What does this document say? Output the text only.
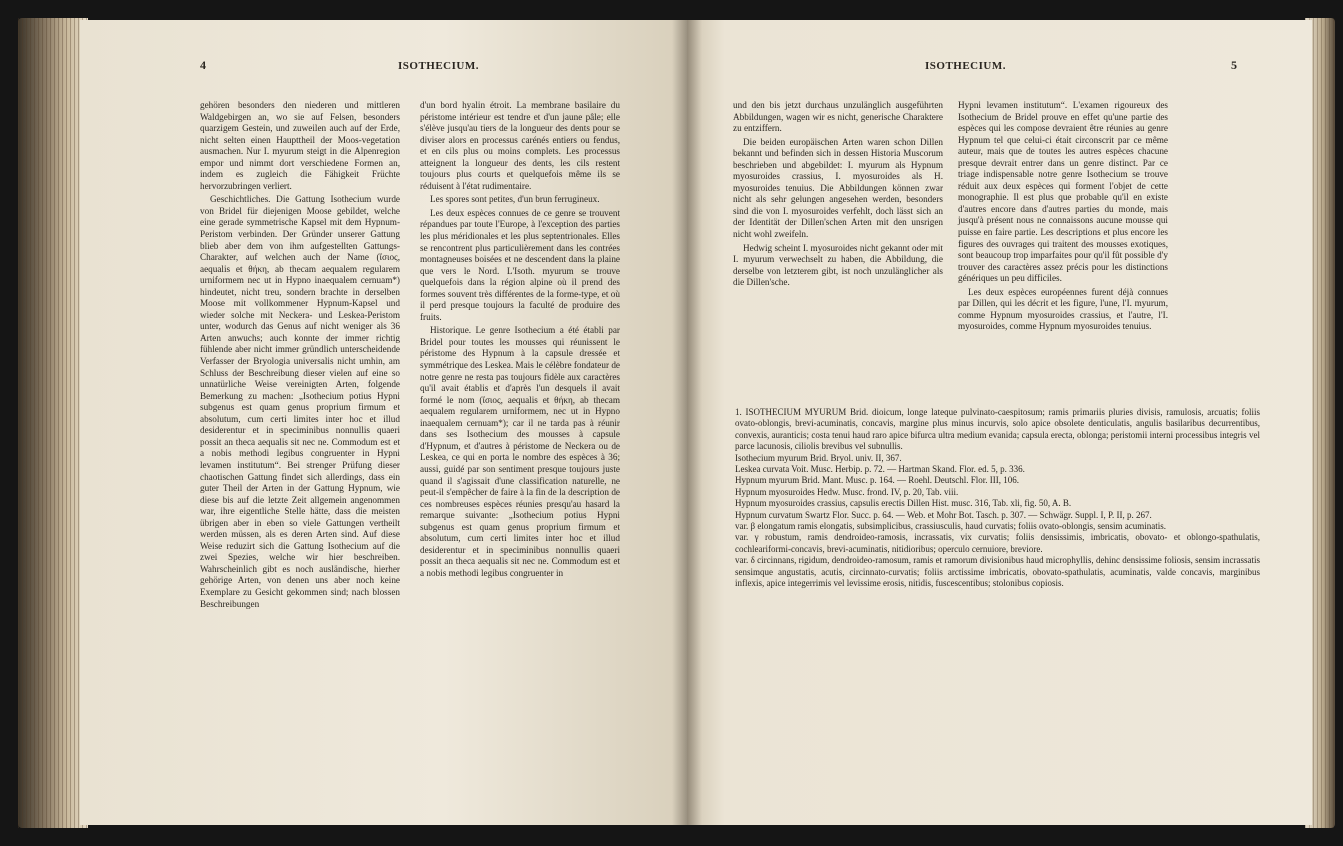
4	ISOTHECIUM.	ISOTHECIUM.	5

gehören besonders den niederen und mittleren Waldgebirgen an, wo sie auf Felsen, besonders quarzigem Gestein, und zuweilen auch auf der Erde, nicht selten einen Haupttheil der Moos-vegetation ausmachen. Nur I. myurum steigt in die Alpenregion empor und nimmt dort verschiedene Formen an, indem es zugleich die Fähigkeit Früchte hervorzubringen verliert.

Geschichtliches. Die Gattung Isothecium wurde von Bridel für diejenigen Moose gebildet, welche eine gerade symmetrische Kapsel mit dem Hypnum-Peristom verbinden. Der Gründer unserer Gattung blieb aber dem von ihm aufgestellten Gattungs-Charakter, auf welchen auch der Name (ἴσιος, aequalis et θήκη, ab thecam aequalem regularem urniformem nec ut in Hypno inaequalem cernuam*) hindeutet, nicht treu, sondern brachte in derselben Moose mit vollkommener Hypnum-Kapsel und wieder solche mit Neckera- und Leskea-Peristom unter, wodurch das Genus auf nicht weniger als 36 Arten anwuchs; auch konnte der immer richtig fühlende aber nicht immer gründlich unterscheidende Verfasser der Bryologia universalis nicht umhin, am Schluss der Beschreibung dieser vielen auf eine so unnatürliche Weise vereinigten Arten, folgende Bemerkung zu machen: „Isothecium potius Hypni subgenus est quam genus proprium firmum et absolutum, cum certi limites inter hoc et illud desiderentur et in speciminibus nonnullis quaeri possit an theca aequalis sit nec ne. Commodum est et a nobis methodi legibus congruenter in Hypni levamen institutum“. Bei strenger Prüfung dieser chaotischen Gattung findet sich allerdings, dass ein guter Theil der Arten in der Gattung Hypnum, wie diese bis auf die letzte Zeit allgemein angenommen war, ihre eigentliche Stelle hätte, dass die meisten übrigen aber in eben so viele Gattungen vertheilt werden müssen, als es deren Arten sind. Auf diese Weise reduzirt sich die Gattung Isothecium auf die zwei Spezies, welche wir hier beschreiben. Wahrscheinlich gibt es noch ausländische, hierher gehörige Arten, von denen uns aber noch keine Exemplare zu Gesicht gekommen sind; nach blossen Beschreibungen

d'un bord hyalin étroit. La membrane basilaire du péristome intérieur est tendre et d'un jaune pâle; elle s'élève jusqu'au tiers de la longueur des dents pour se diviser alors en processus carénés entiers ou fendus, et en cils plus ou moins complets. Les processus atteignent la longueur des dents, les cils restent toujours plus courts et quelquefois même ils se réduisent à l'état rudimentaire.

Les spores sont petites, d'un brun ferrugineux.

Les deux espèces connues de ce genre se trouvent répandues par toute l'Europe, à l'exception des parties les plus méridionales et les plus septentrionales. Elles se rencontrent plus particulièrement dans les contrées montagneuses boisées et ne descendent dans la plaine que vers le Nord. L'Isoth. myurum se trouve quelquefois dans la région alpine où il prend des formes souvent très différentes de la forme-type, et où il perd presque toujours la faculté de produire des fruits.

Historique. Le genre Isothecium a été établi par Bridel pour toutes les mousses qui réunissent le péristome des Hypnum à la capsule dressée et symmétrique des Leskea. Mais le célèbre fondateur de notre genre ne resta pas toujours fidèle aux caractères qu'il avait établis et d'après l'un desquels il avait formé le nom (ἴσιος, aequalis et θήκη, ab thecam aequalem regularem urniformem, nec ut in Hypno inaequalem cernuam*); car il ne tarda pas à réunir dans ses Isothecium des mousses à capsule d'Hypnum, et d'autres à péristome de Neckera ou de Leskea, ce qui en porta le nombre des espèces à 36; aussi, guidé par son sentiment presque toujours juste quand il s'agissait d'une classification naturelle, ne peut-il s'empêcher de faire à la fin de la description de ces nombreuses espèces réunies presqu'au hasard la remarque suivante: „Isothecium potius Hypni subgenus est quam genus proprium firmum et absolutum, cum certi limites inter hoc et illud desiderentur et in speciminibus nonnullis quaeri possit an theca aequalis sit nec ne. Commodum est et a nobis methodi legibus congruenter in

und den bis jetzt durchaus unzulänglich ausgeführten Abbildungen, wagen wir es nicht, generische Charaktere zu entziffern.

Die beiden europäischen Arten waren schon Dillen bekannt und befinden sich in dessen Historia Muscorum beschrieben und abgebildet: I. myurum als Hypnum myosuroides crassius, I. myosuroides als H. myosuroides tenuius. Die Abbildungen können zwar nicht als sehr gelungen angesehen werden, besonders sind die von I. myosuroides verfehlt, doch lässt sich an der Identität der Dillen'schen Arten mit den unsrigen nicht wohl zweifeln.

Hedwig scheint I. myosuroides nicht gekannt oder mit I. myurum verwechselt zu haben, die Abbildung, die derselbe von letzterem gibt, ist noch unzulänglicher als die Dillen'sche.

Hypni levamen institutum“. L'examen rigoureux des Isothecium de Bridel prouve en effet qu'une partie des espèces qui les compose devraient être réunies au genre Hypnum tel que celui-ci était circonscrit par ce même auteur, mais que de toutes les autres espèces chacune presque devrait entrer dans un genre distinct. Par ce triage indispensable notre genre Isothecium se trouve réduit aux deux espèces qui forment l'objet de cette monographie. Il est plus que probable qu'il en existe d'autres encore dans d'autres parties du monde, mais jusqu'à présent nous ne connaissons aucune mousse qui puisse en faire partie. Les descriptions et plus encore les figures des ouvrages qui traitent des mousses exotiques, sont beaucoup trop imparfaites pour qu'il fût possible d'y trouver des caractères assez précis pour les distinctions génériques un peu difficiles.

Les deux espèces européennes furent déjà connues par Dillen, qui les décrit et les figure, l'une, l'I. myurum, comme Hypnum myosuroides crassius, et l'autre, l'I. myosuroides, comme Hypnum myosuroides tenuius.

1. ISOTHECIUM MYURUM Brid. dioicum, longe lateque pulvinato-caespitosum; ramis primariis pluries divisis, ramulosis, arcuatis; foliis ovato-oblongis, brevi-acuminatis, concavis, margine plus minus incurvis, solo apice obsolete denticulatis, angulis basilaribus decurrentibus, convexis, auranticis; costa tenui haud raro apice bifurca ultra medium evanida; capsula erecta, oblonga; peristomii interni processibus integris vel parce lacunosis, ciliolis brevibus vel subnullis.

Isothecium myurum Brid. Bryol. univ. II, 367.

Leskea curvata Voit. Musc. Herbip. p. 72. — Hartman Skand. Flor. ed. 5, p. 336.

Hypnum myurum Brid. Mant. Musc. p. 164. — Roehl. Deutschl. Flor. III, 106.

Hypnum myosuroides Hedw. Musc. frond. IV, p. 20, Tab. viii.

Hypnum myosuroides crassius, capsulis erectis Dillen Hist. musc. 316, Tab. xli, fig. 50, A. B.

Hypnum curvatum Swartz Flor. Succ. p. 64. — Web. et Mohr Bot. Tasch. p. 307. — Schwägr. Suppl. I, P. II, p. 267.

var. β elongatum ramis elongatis, subsimplicibus, crassiusculis, haud curvatis; foliis ovato-oblongis, sensim acuminatis.

var. γ robustum, ramis dendroideo-ramosis, incrassatis, vix curvatis; foliis densissimis, imbricatis, obovato- et oblongo-spathulatis, cochleariformi-concavis, brevi-acuminatis, nitidioribus; operculo cernuiore, breviore.

var. δ circinnans, rigidum, dendroideo-ramosum, ramis et ramorum divisionibus haud microphyllis, dehinc densissime foliosis, sensim incrassatis sensimque angustatis, acutis, circinnato-curvatis; foliis arctissime imbricatis, obovato-spathulatis, acuminatis, valde concavis, marginibus inflexis, apice integerrimis vel levissime erosis, nitidis, fuscescentibus; stolonibus copiosis.
